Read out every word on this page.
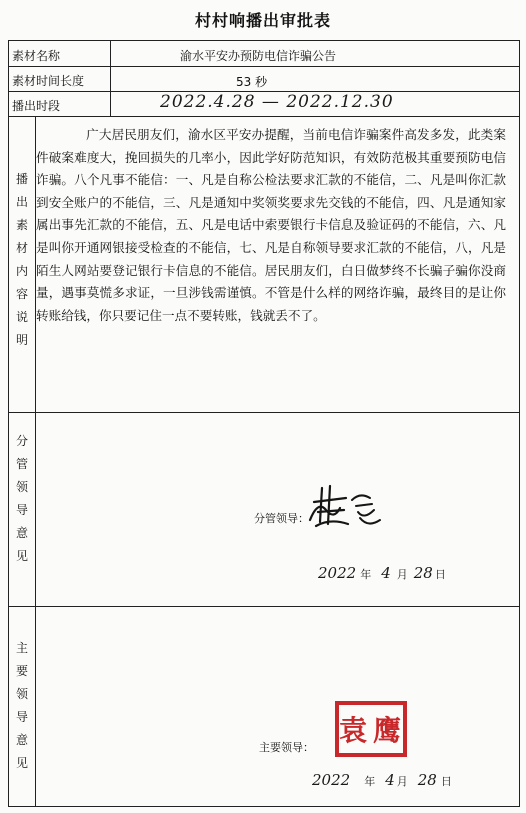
村村响播出审批表
素材名称	渝水平安办预防电信诈骗公告
素材时间长度	53 秒
播出时段	2022.4.28 — 2022.12.30
播出素材内容说明
广大居民朋友们，渝水区平安办提醒，当前电信诈骗案件高发多发，此类案件破案难度大，挽回损失的几率小，因此学好防范知识，有效防范极其重要预防电信诈骗。八个凡事不能信：一、凡是自称公检法要求汇款的不能信，二、凡是叫你汇款到安全账户的不能信，三、凡是通知中奖领奖要求先交钱的不能信，四、凡是通知家属出事先汇款的不能信，五、凡是电话中索要银行卡信息及验证码的不能信，六、凡是叫你开通网银接受检查的不能信，七、凡是自称领导要求汇款的不能信，八，凡是陌生人网站要登记银行卡信息的不能信。居民朋友们，白日做梦终不长骗子骗你没商量，遇事莫慌多求证，一旦涉钱需谨慎。不管是什么样的网络诈骗，最终目的是让你转账给钱，你只要记住一点不要转账，钱就丢不了。
分管领导意见
分管领导：
2022 年 4 月 28 日
主要领导意见
主要领导：
袁 鹰
2022 年 4 月 28 日
